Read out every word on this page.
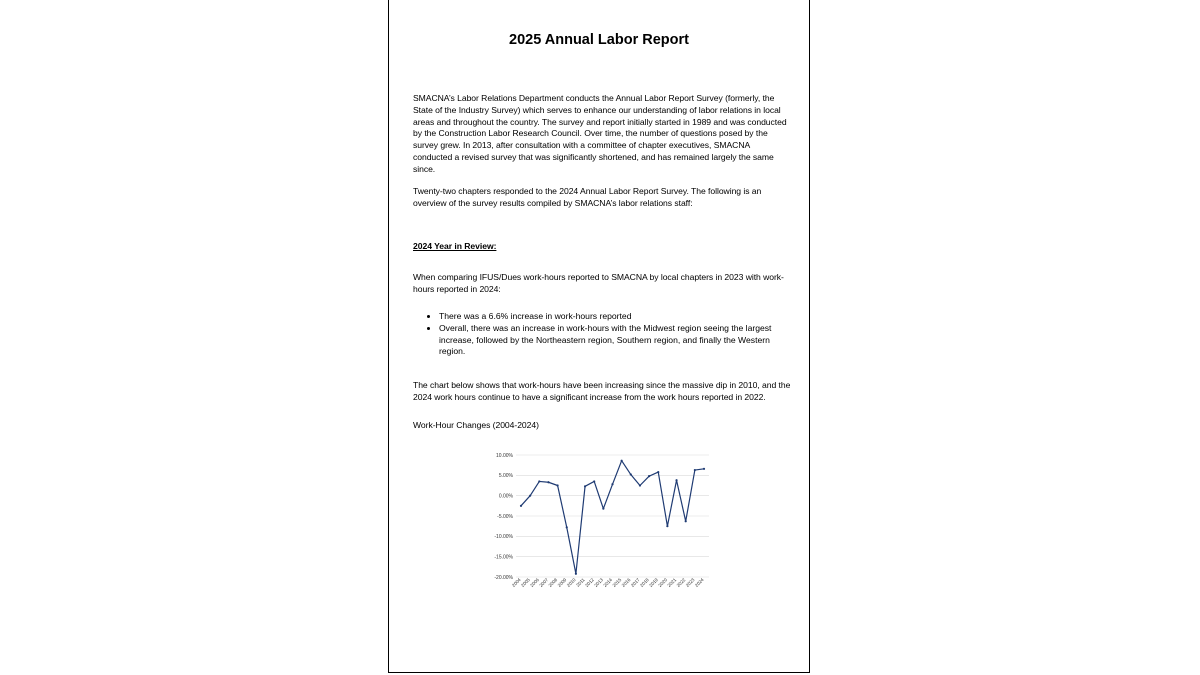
2025 Annual Labor Report

SMACNA’s Labor Relations Department conducts the Annual Labor Report Survey (formerly, the State of the Industry Survey) which serves to enhance our understanding of labor relations in local areas and throughout the country. The survey and report initially started in 1989 and was conducted by the Construction Labor Research Council. Over time, the number of questions posed by the survey grew. In 2013, after consultation with a committee of chapter executives, SMACNA conducted a revised survey that was significantly shortened, and has remained largely the same since.

Twenty-two chapters responded to the 2024 Annual Labor Report Survey. The following is an overview of the survey results compiled by SMACNA’s labor relations staff:

2024 Year in Review:

When comparing IFUS/Dues work-hours reported to SMACNA by local chapters in 2023 with work-hours reported in 2024:

• There was a 6.6% increase in work-hours reported
• Overall, there was an increase in work-hours with the Midwest region seeing the largest increase, followed by the Northeastern region, Southern region, and finally the Western region.

The chart below shows that work-hours have been increasing since the massive dip in 2010, and the 2024 work hours continue to have a significant increase from the work hours reported in 2022.

Work-Hour Changes (2004-2024)

10.00%
5.00%
0.00%
-5.00%
-10.00%
-15.00%
-20.00%
2004
2005
2006
2007
2008
2009
2010
2011
2012
2013
2014
2015
2016
2017
2018
2019
2020
2021
2022
2023
2024
